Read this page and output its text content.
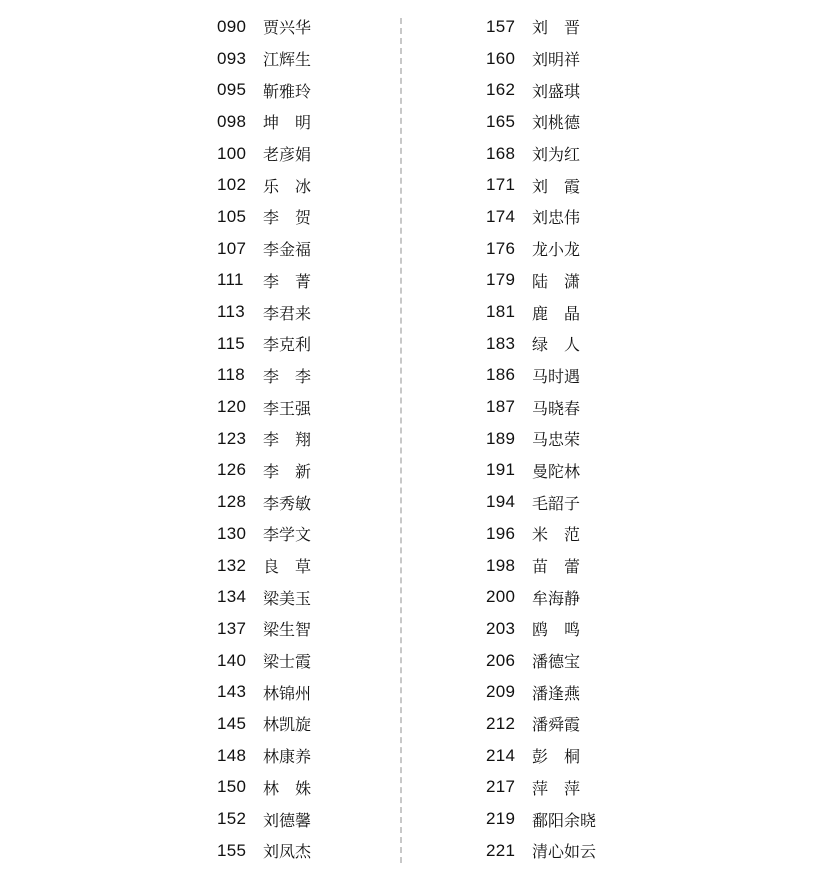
090	贾兴华
093	江辉生
095	靳雅玲
098	坤　明
100	老彦娟
102	乐　冰
105	李　贺
107	李金福
111	李　菁
113	李君来
115	李克利
118	李　李
120	李王强
123	李　翔
126	李　新
128	李秀敏
130	李学文
132	良　草
134	梁美玉
137	梁生智
140	梁士霞
143	林锦州
145	林凯旋
148	林康养
150	林　姝
152	刘德馨
155	刘凤杰
157	刘　晋
160	刘明祥
162	刘盛琪
165	刘桃德
168	刘为红
171	刘　霞
174	刘忠伟
176	龙小龙
179	陆　潇
181	鹿　晶
183	绿　人
186	马时遇
187	马晓春
189	马忠荣
191	曼陀林
194	毛韶子
196	米　范
198	苗　蕾
200	牟海静
203	鸥　鸣
206	潘德宝
209	潘逢燕
212	潘舜霞
214	彭　桐
217	萍　萍
219	鄱阳余晓
221	清心如云
